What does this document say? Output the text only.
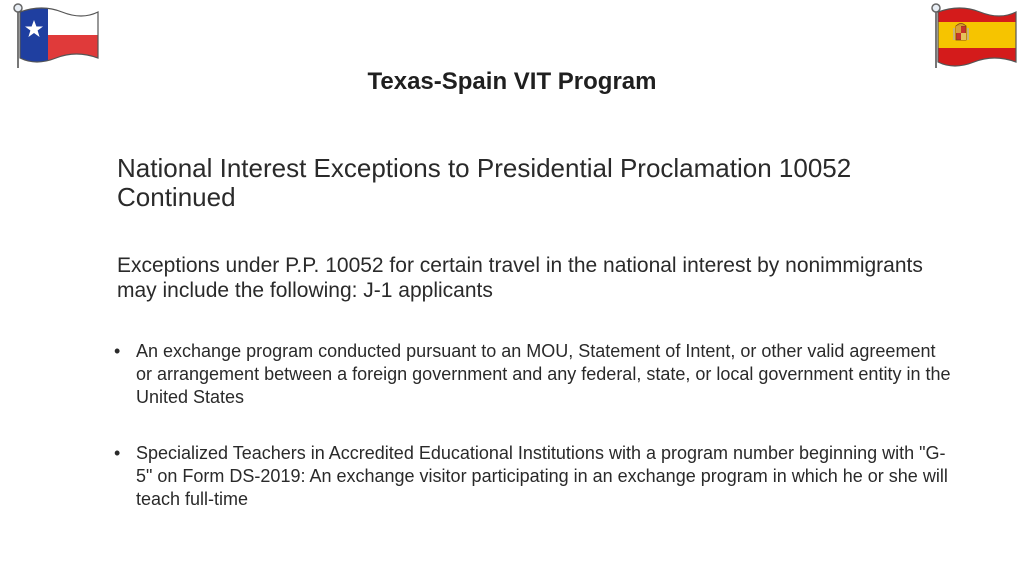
Texas-Spain VIT Program
National Interest Exceptions to Presidential Proclamation 10052 Continued
Exceptions under P.P. 10052 for certain travel in the national interest by nonimmigrants may include the following: J-1 applicants
• An exchange program conducted pursuant to an MOU, Statement of Intent, or other valid agreement or arrangement between a foreign government and any federal, state, or local government entity in the United States
• Specialized Teachers in Accredited Educational Institutions with a program number beginning with "G-5" on Form DS-2019: An exchange visitor participating in an exchange program in which he or she will teach full-time
